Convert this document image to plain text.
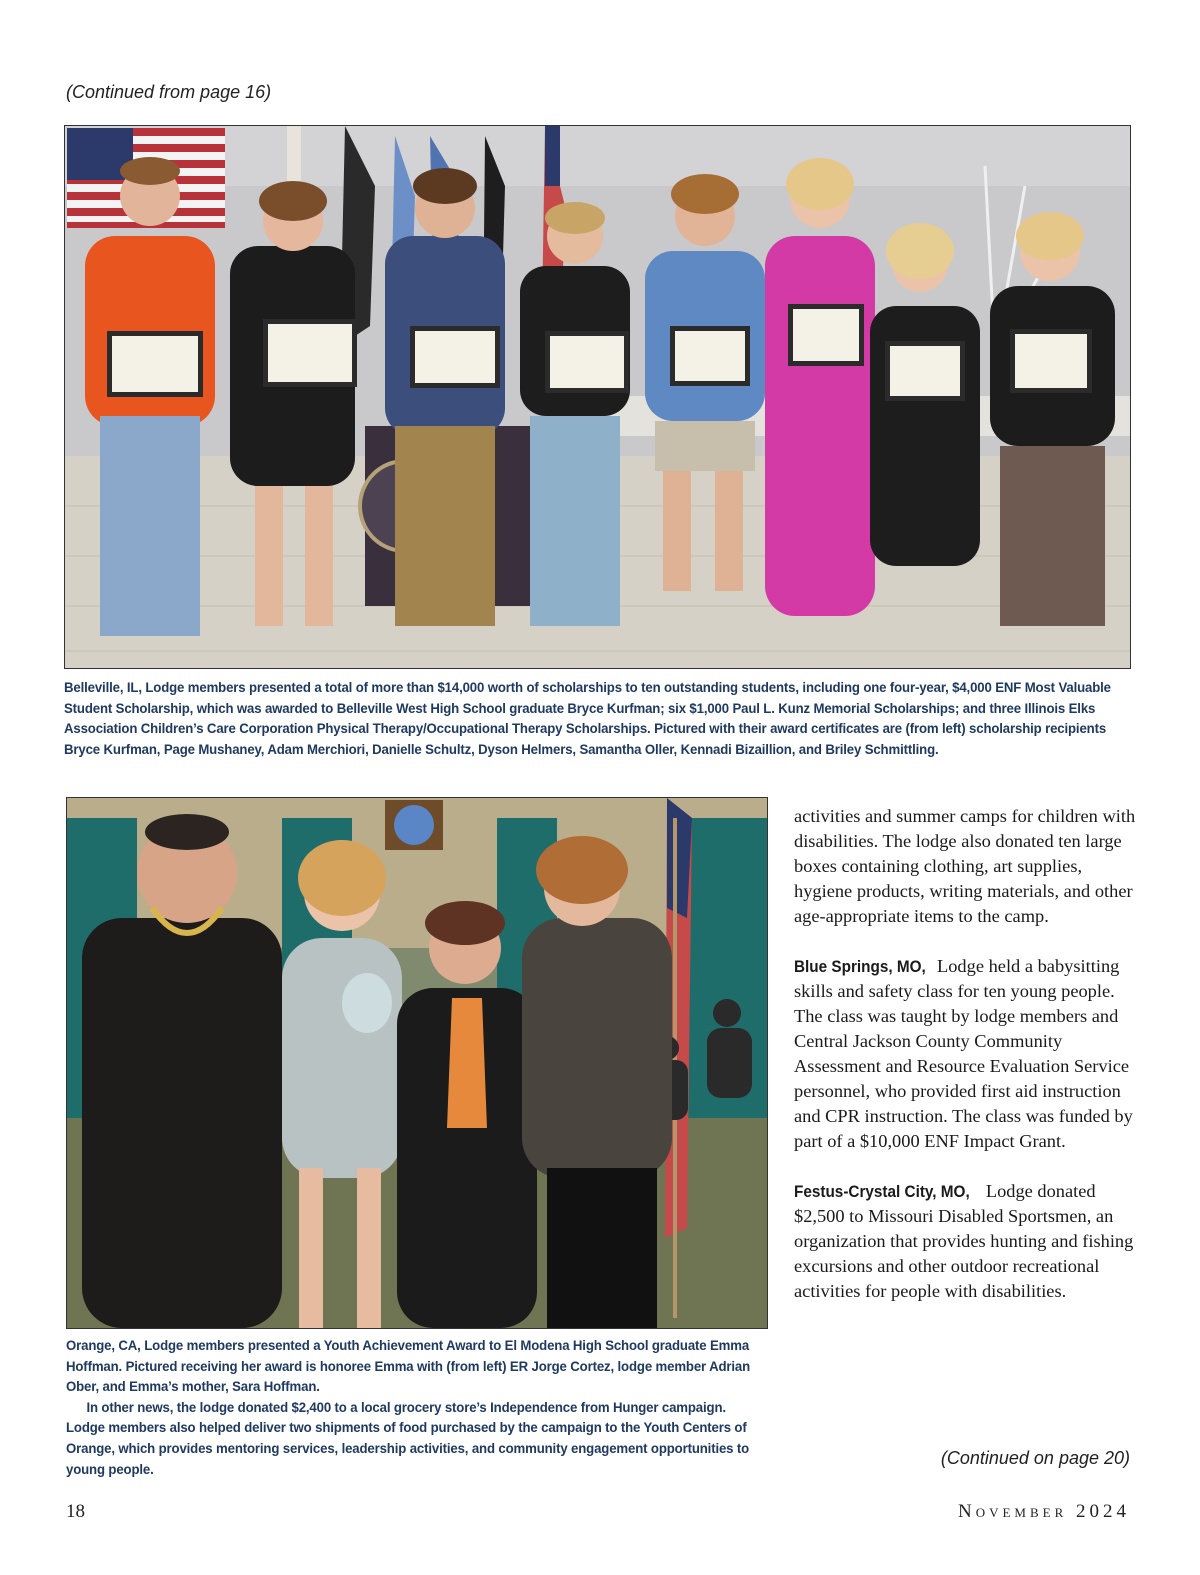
(Continued from page 16)
Belleville, IL, Lodge members presented a total of more than $14,000 worth of scholarships to ten outstanding students, including one four-year, $4,000 ENF Most Valuable Student Scholarship, which was awarded to Belleville West High School graduate Bryce Kurfman; six $1,000 Paul L. Kunz Memorial Scholarships; and three Illinois Elks Association Children’s Care Corporation Physical Therapy/Occupational Therapy Scholarships. Pictured with their award certificates are (from left) scholarship recipients Bryce Kurfman, Page Mushaney, Adam Merchiori, Danielle Schultz, Dyson Helmers, Samantha Oller, Kennadi Bizaillion, and Briley Schmittling.

Orange, CA, Lodge members presented a Youth Achievement Award to El Modena High School graduate Emma Hoffman. Pictured receiving her award is honoree Emma with (from left) ER Jorge Cortez, lodge member Adrian Ober, and Emma’s mother, Sara Hoffman.

In other news, the lodge donated $2,400 to a local grocery store’s Independence from Hunger campaign. Lodge members also helped deliver two shipments of food purchased by the campaign to the Youth Centers of Orange, which provides mentoring services, leadership activities, and community engagement opportunities to young people.

activities and summer camps for children with disabilities. The lodge also donated ten large boxes containing clothing, art supplies, hygiene products, writing materials, and other age-appropriate items to the camp.

Blue Springs, MO, Lodge held a babysitting skills and safety class for ten young people. The class was taught by lodge members and Central Jackson County Community Assessment and Resource Evaluation Service personnel, who provided first aid instruction and CPR instruction. The class was funded by part of a $10,000 ENF Impact Grant.

Festus-Crystal City, MO, Lodge donated $2,500 to Missouri Disabled Sportsmen, an organization that provides hunting and fishing excursions and other outdoor recreational activities for people with disabilities.

(Continued on page 20)
18	November 2024
